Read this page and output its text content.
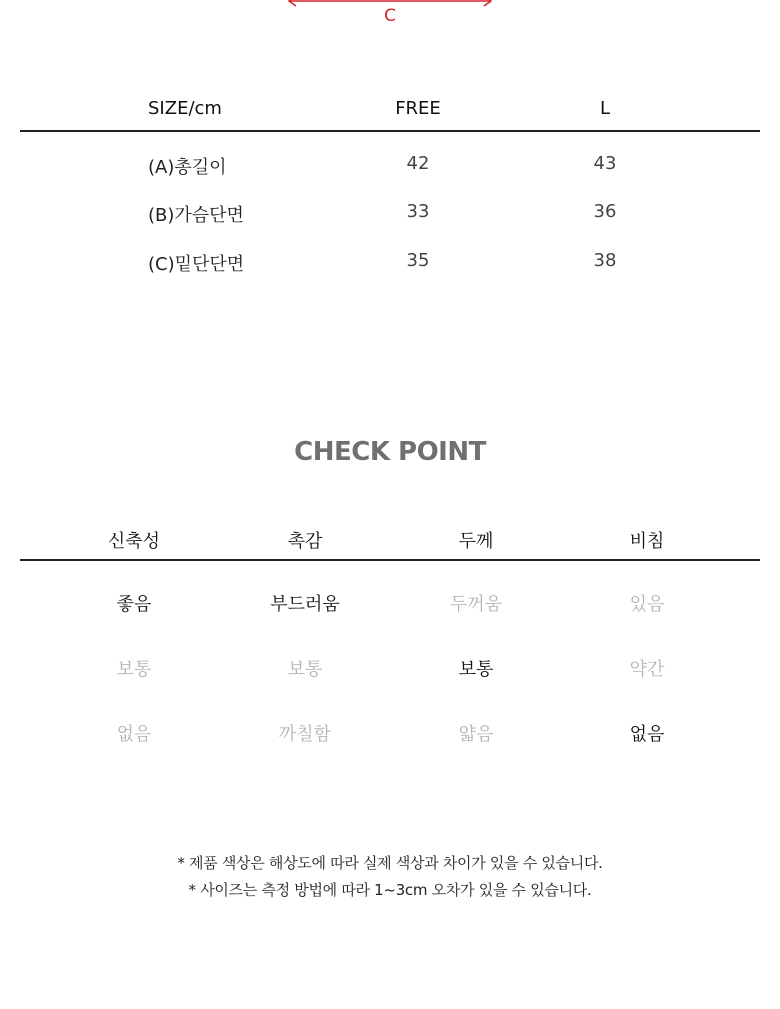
C
SIZE/cm	FREE	L
(A)총길이	42	43
(B)가슴단면	33	36
(C)밑단단면	35	38
CHECK POINT
신축성	촉감	두께	비침
좋음	부드러움	두꺼움	있음
보통	보통	보통	약간
없음	까칠함	얇음	없음
* 제품 색상은 해상도에 따라 실제 색상과 차이가 있을 수 있습니다.
* 사이즈는 측정 방법에 따라 1~3cm 오차가 있을 수 있습니다.
